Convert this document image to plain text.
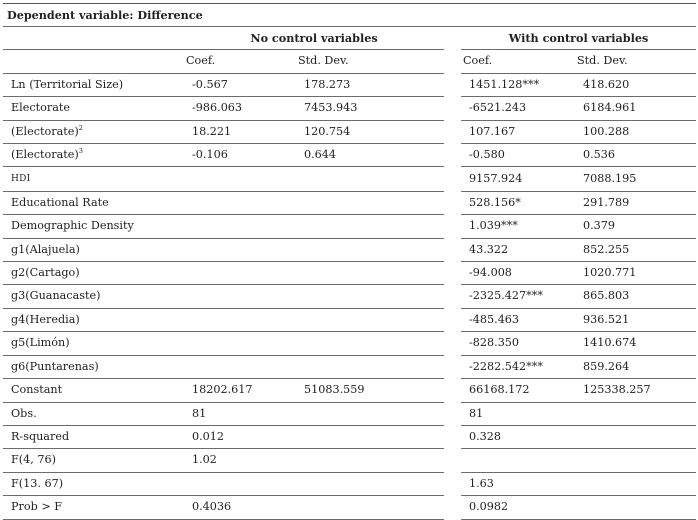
Dependent variable: Difference					
	No control variables			With control variables	
	Coef.	Std. Dev.		Coef.	Std. Dev.
Ln (Territorial Size)	-0.567	178.273		1451.128***	418.620
Electorate	-986.063	7453.943		-6521.243	6184.961
(Electorate)$^2$	18.221	120.754		107.167	100.288
(Electorate)$^3$	-0.106	0.644		-0.580	0.536
HDI				9157.924	7088.195
Educational Rate				528.156*	291.789
Demographic Density				1.039***	0.379
g1(Alajuela)				43.322	852.255
g2(Cartago)				-94.008	1020.771
g3(Guanacaste)				-2325.427***	865.803
g4(Heredia)				-485.463	936.521
g5(Limón)				-828.350	1410.674
g6(Puntarenas)				-2282.542***	859.264
Constant	18202.617	51083.559		66168.172	125338.257
Obs.	81			81	
R-squared	0.012			0.328	
F(4, 76)	1.02				
F(13. 67)				1.63	
Prob > F	0.4036			0.0982	
